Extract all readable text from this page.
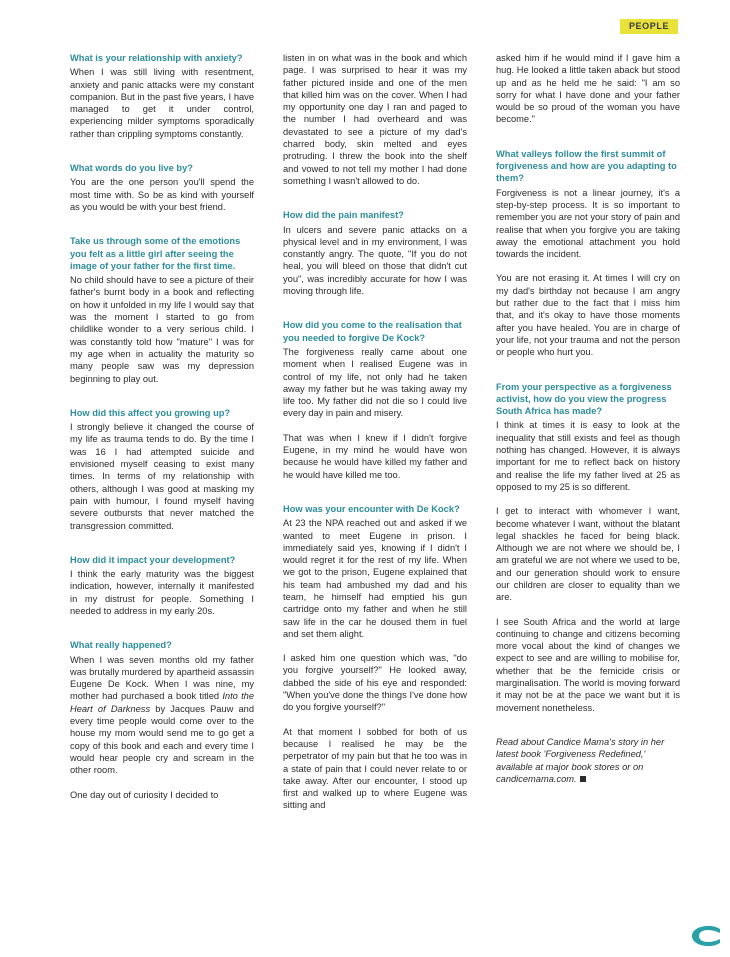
PEOPLE
What is your relationship with anxiety?
When I was still living with resentment, anxiety and panic attacks were my constant companion. But in the past five years, I have managed to get it under control, experiencing milder symptoms sporadically rather than crippling symptoms constantly.
What words do you live by?
You are the one person you'll spend the most time with. So be as kind with yourself as you would be with your best friend.
Take us through some of the emotions you felt as a little girl after seeing the image of your father for the first time.
No child should have to see a picture of their father's burnt body in a book and reflecting on how it unfolded in my life I would say that was the moment I started to go from childlike wonder to a very serious child. I was constantly told how "mature" I was for my age when in actuality the maturity so many people saw was my depression beginning to play out.
How did this affect you growing up?
I strongly believe it changed the course of my life as trauma tends to do. By the time I was 16 I had attempted suicide and envisioned myself ceasing to exist many times. In terms of my relationship with others, although I was good at masking my pain with humour, I found myself having severe outbursts that never matched the transgression committed.
How did it impact your development?
I think the early maturity was the biggest indication, however, internally it manifested in my distrust for people. Something I needed to address in my early 20s.
What really happened?
When I was seven months old my father was brutally murdered by apartheid assassin Eugene De Kock. When I was nine, my mother had purchased a book titled Into the Heart of Darkness by Jacques Pauw and every time people would come over to the house my mom would send me to go get a copy of this book and each and every time I would hear people cry and scream in the other room.
One day out of curiosity I decided to
listen in on what was in the book and which page. I was surprised to hear it was my father pictured inside and one of the men that killed him was on the cover. When I had my opportunity one day I ran and paged to the number I had overheard and was devastated to see a picture of my dad's charred body, skin melted and eyes protruding. I threw the book into the shelf and vowed to not tell my mother I had done something I wasn't allowed to do.
How did the pain manifest?
In ulcers and severe panic attacks on a physical level and in my environment, I was constantly angry. The quote, "If you do not heal, you will bleed on those that didn't cut you", was incredibly accurate for how I was moving through life.
How did you come to the realisation that you needed to forgive De Kock?
The forgiveness really came about one moment when I realised Eugene was in control of my life, not only had he taken away my father but he was taking away my life too. My father did not die so I could live every day in pain and misery.
That was when I knew if I didn't forgive Eugene, in my mind he would have won because he would have killed my father and he would have killed me too.
How was your encounter with De Kock?
At 23 the NPA reached out and asked if we wanted to meet Eugene in prison. I immediately said yes, knowing if I didn't I would regret it for the rest of my life. When we got to the prison, Eugene explained that his team had ambushed my dad and his team, he himself had emptied his gun cartridge onto my father and when he still saw life in the car he doused them in fuel and set them alight.
I asked him one question which was, "do you forgive yourself?" He looked away, dabbed the side of his eye and responded: "When you've done the things I've done how do you forgive yourself?"
At that moment I sobbed for both of us because I realised he may be the perpetrator of my pain but that he too was in a state of pain that I could never relate to or take away. After our encounter, I stood up first and walked up to where Eugene was sitting and
asked him if he would mind if I gave him a hug. He looked a little taken aback but stood up and as he held me he said: "I am so sorry for what I have done and your father would be so proud of the woman you have become."
What valleys follow the first summit of forgiveness and how are you adapting to them?
Forgiveness is not a linear journey, it's a step-by-step process. It is so important to remember you are not your story of pain and realise that when you forgive you are taking away the emotional attachment you hold towards the incident.
You are not erasing it. At times I will cry on my dad's birthday not because I am angry but rather due to the fact that I miss him that, and it's okay to have those moments after you have healed. You are in charge of your life, not your trauma and not the person or people who hurt you.
From your perspective as a forgiveness activist, how do you view the progress South Africa has made?
I think at times it is easy to look at the inequality that still exists and feel as though nothing has changed. However, it is always important for me to reflect back on history and realise the life my father lived at 25 as opposed to my 25 is so different.
I get to interact with whomever I want, become whatever I want, without the blatant legal shackles he faced for being black. Although we are not where we should be, I am grateful we are not where we used to be, and our generation should work to ensure our children are closer to equality than we are.
I see South Africa and the world at large continuing to change and citizens becoming more vocal about the kind of changes we expect to see and are willing to mobilise for, whether that be the femicide crisis or marginalisation. The world is moving forward it may not be at the pace we want but it is movement nonetheless.
Read about Candice Mama's story in her latest book 'Forgiveness Redefined,' available at major book stores or on candicemama.com.
